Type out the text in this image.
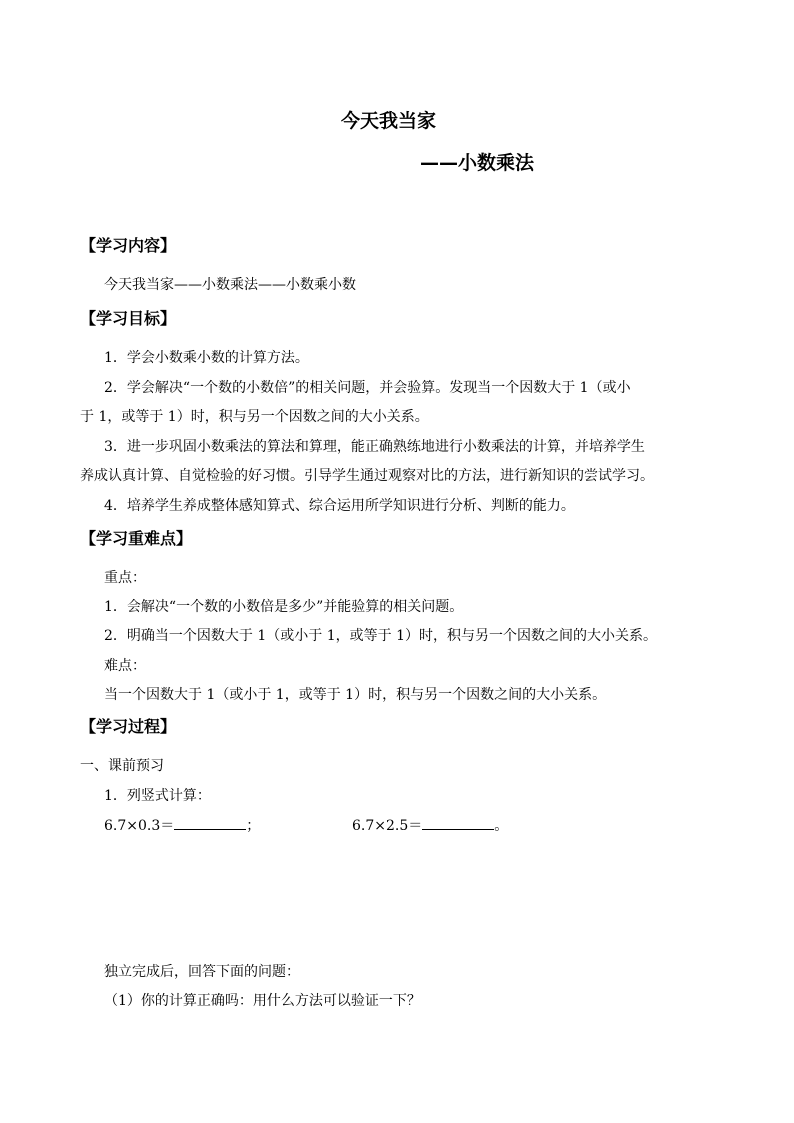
今天我当家
——小数乘法
【学习内容】
今天我当家——小数乘法——小数乘小数
【学习目标】
1．学会小数乘小数的计算方法。
2．学会解决“一个数的小数倍”的相关问题，并会验算。发现当一个因数大于 1（或小
于 1，或等于 1）时，积与另一个因数之间的大小关系。
3．进一步巩固小数乘法的算法和算理，能正确熟练地进行小数乘法的计算，并培养学生
养成认真计算、自觉检验的好习惯。引导学生通过观察对比的方法，进行新知识的尝试学习。
4．培养学生养成整体感知算式、综合运用所学知识进行分析、判断的能力。
【学习重难点】
重点：
1．会解决“一个数的小数倍是多少”并能验算的相关问题。
2．明确当一个因数大于 1（或小于 1，或等于 1）时，积与另一个因数之间的大小关系。
难点：
当一个因数大于 1（或小于 1，或等于 1）时，积与另一个因数之间的大小关系。
【学习过程】
一、课前预习
1．列竖式计算：
6.7×0.3＝	；	6.7×2.5＝	。
独立完成后，回答下面的问题：
（1）你的计算正确吗：用什么方法可以验证一下？
